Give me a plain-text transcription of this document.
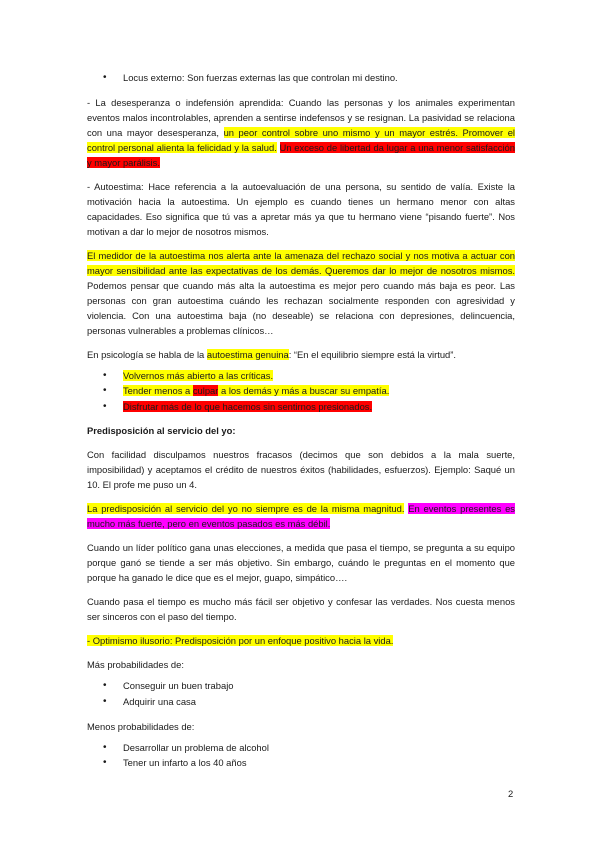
• Locus externo: Son fuerzas externas las que controlan mi destino.

- La desesperanza o indefensión aprendida: Cuando las personas y los animales experimentan eventos malos incontrolables, aprenden a sentirse indefensos y se resignan. La pasividad se relaciona con una mayor desesperanza, un peor control sobre uno mismo y un mayor estrés. Promover el control personal alienta la felicidad y la salud. Un exceso de libertad da lugar a una menor satisfacción y mayor parálisis.

- Autoestima: Hace referencia a la autoevaluación de una persona, su sentido de valía. Existe la motivación hacia la autoestima. Un ejemplo es cuando tienes un hermano menor con altas capacidades. Eso significa que tú vas a apretar más ya que tu hermano viene “pisando fuerte”. Nos motivan a dar lo mejor de nosotros mismos.

El medidor de la autoestima nos alerta ante la amenaza del rechazo social y nos motiva a actuar con mayor sensibilidad ante las expectativas de los demás. Queremos dar lo mejor de nosotros mismos. Podemos pensar que cuando más alta la autoestima es mejor pero cuando más baja es peor. Las personas con gran autoestima cuándo les rechazan socialmente responden con agresividad y violencia. Con una autoestima baja (no deseable) se relaciona con depresiones, delincuencia, personas vulnerables a problemas clínicos…

En psicología se habla de la autoestima genuina: “En el equilibrio siempre está la virtud”.

• Volvernos más abierto a las críticas.
• Tender menos a culpar a los demás y más a buscar su empatía.
• Disfrutar más de lo que hacemos sin sentirnos presionados.

Predisposición al servicio del yo:

Con facilidad disculpamos nuestros fracasos (decimos que son debidos a la mala suerte, imposibilidad) y aceptamos el crédito de nuestros éxitos (habilidades, esfuerzos). Ejemplo: Saqué un 10. El profe me puso un 4.

La predisposición al servicio del yo no siempre es de la misma magnitud. En eventos presentes es mucho más fuerte, pero en eventos pasados es más débil.

Cuando un líder político gana unas elecciones, a medida que pasa el tiempo, se pregunta a su equipo porque ganó se tiende a ser más objetivo. Sin embargo, cuándo le preguntas en el momento que porque ha ganado le dice que es el mejor, guapo, simpático….

Cuando pasa el tiempo es mucho más fácil ser objetivo y confesar las verdades. Nos cuesta menos ser sinceros con el paso del tiempo.

- Optimismo ilusorio: Predisposición por un enfoque positivo hacia la vida.

Más probabilidades de:

• Conseguir un buen trabajo
• Adquirir una casa

Menos probabilidades de:

• Desarrollar un problema de alcohol
• Tener un infarto a los 40 años
2
